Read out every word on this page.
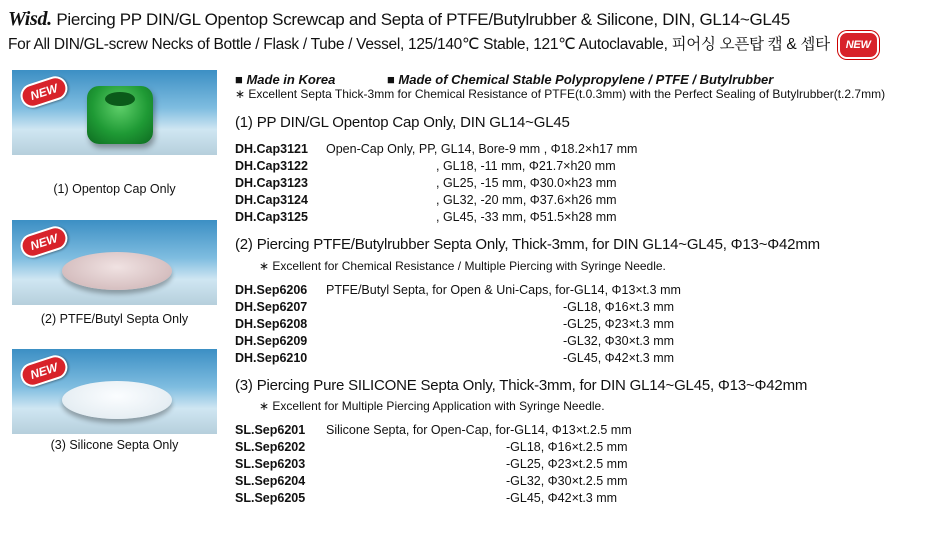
Wisd. Piercing PP DIN/GL Opentop Screwcap and Septa of PTFE/Butylrubber & Silicone, DIN, GL14~GL45
For All DIN/GL-screw Necks of Bottle / Flask / Tube / Vessel, 125/140℃ Stable, 121℃ Autoclavable, 피어싱 오픈탑 캡 & 셉타 NEW
NEW
(1) Opentop Cap Only
NEW
(2) PTFE/Butyl Septa Only
NEW
(3) Silicone Septa Only
■ Made in Korea	■ Made of Chemical Stable Polypropylene / PTFE / Butylrubber
∗ Excellent Septa Thick-3mm for Chemical Resistance of PTFE(t.0.3mm) with the Perfect Sealing of Butylrubber(t.2.7mm)
(1) PP DIN/GL Opentop Cap Only, DIN GL14~GL45
DH.Cap3121	Open-Cap Only, PP, GL14, Bore-9 mm , Φ18.2×h17 mm
DH.Cap3122	, GL18, -11 mm, Φ21.7×h20 mm
DH.Cap3123	, GL25, -15 mm, Φ30.0×h23 mm
DH.Cap3124	, GL32, -20 mm, Φ37.6×h26 mm
DH.Cap3125	, GL45, -33 mm, Φ51.5×h28 mm
(2) Piercing PTFE/Butylrubber Septa Only, Thick-3mm, for DIN GL14~GL45, Φ13~Φ42mm
∗ Excellent for Chemical Resistance / Multiple Piercing with Syringe Needle.
DH.Sep6206	PTFE/Butyl Septa, for Open & Uni-Caps, for-GL14, Φ13×t.3 mm
DH.Sep6207	-GL18, Φ16×t.3 mm
DH.Sep6208	-GL25, Φ23×t.3 mm
DH.Sep6209	-GL32, Φ30×t.3 mm
DH.Sep6210	-GL45, Φ42×t.3 mm
(3) Piercing Pure SILICONE Septa Only, Thick-3mm, for DIN GL14~GL45, Φ13~Φ42mm
∗ Excellent for Multiple Piercing Application with Syringe Needle.
SL.Sep6201	Silicone Septa, for Open-Cap, for-GL14, Φ13×t.2.5 mm
SL.Sep6202	-GL18, Φ16×t.2.5 mm
SL.Sep6203	-GL25, Φ23×t.2.5 mm
SL.Sep6204	-GL32, Φ30×t.2.5 mm
SL.Sep6205	-GL45, Φ42×t.3 mm
